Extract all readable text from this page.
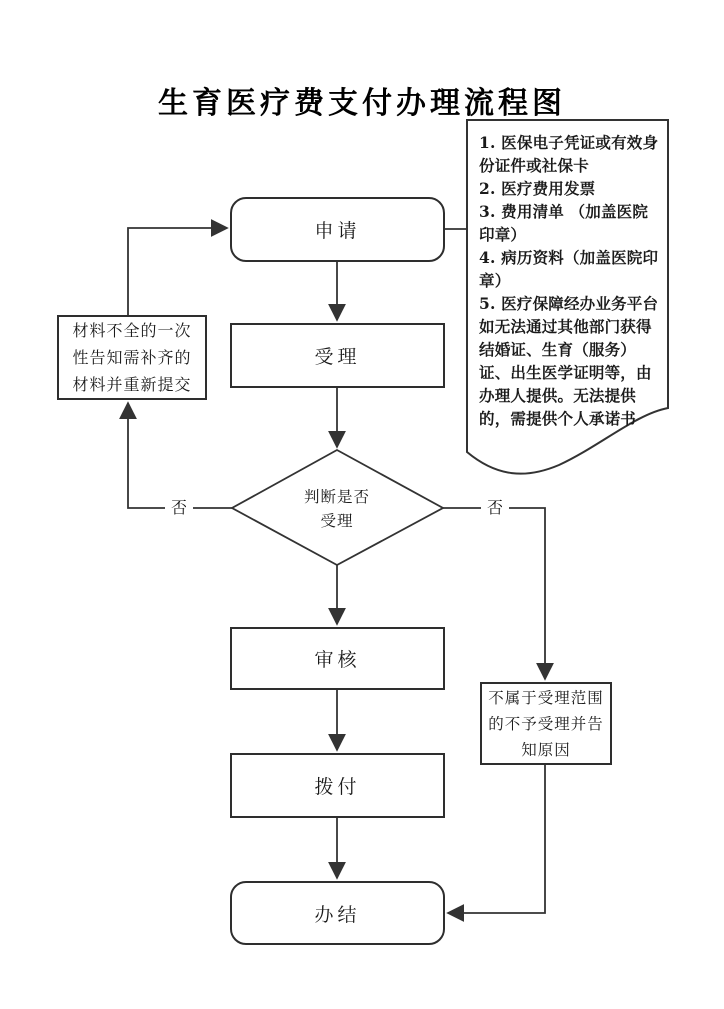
生育医疗费支付办理流程图
申请
受理
判断是否受理
审核
拨付
办结
材料不全的一次性告知需补齐的材料并重新提交
不属于受理范围的不予受理并告知原因
否	否

1. 医保电子凭证或有效身份证件或社保卡

2. 医疗费用发票

3. 费用清单 （加盖医院印章）

4. 病历资料（加盖医院印章）

5. 医疗保障经办业务平台如无法通过其他部门获得结婚证、生育（服务）证、出生医学证明等，由办理人提供。无法提供的，需提供个人承诺书
